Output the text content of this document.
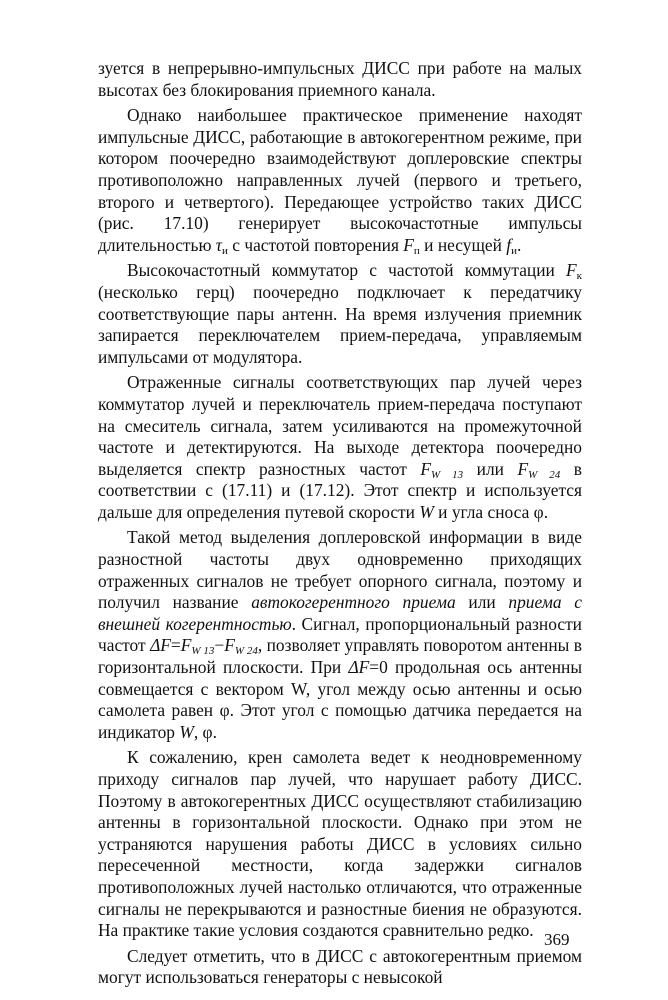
зуется в непрерывно-импульсных ДИСС при работе на малых высотах без блокирования приемного канала.

Однако наибольшее практическое применение находят импульсные ДИСС, работающие в автокогерентном режиме, при котором поочередно взаимодействуют доплеровские спектры противоположно направленных лучей (первого и третьего, второго и четвертого). Передающее устройство таких ДИСС (рис. 17.10) генерирует высокочастотные импульсы длительностью $\tau_и$ с частотой повторения $F_п$ и несущей $f_и$.

Высокочастотный коммутатор с частотой коммутации $F_к$ (несколько герц) поочередно подключает к передатчику соответствующие пары антенн. На время излучения приемник запирается переключателем прием-передача, управляемым импульсами от модулятора.

Отраженные сигналы соответствующих пар лучей через коммутатор лучей и переключатель прием-передача поступают на смеситель сигнала, затем усиливаются на промежуточной частоте и детектируются. На выходе детектора поочередно выделяется спектр разностных частот $F_{W 13}$ или $F_{W 24}$ в соответствии с (17.11) и (17.12). Этот спектр и используется дальше для определения путевой скорости W и угла сноса φ.

Такой метод выделения доплеровской информации в виде разностной частоты двух одновременно приходящих отраженных сигналов не требует опорного сигнала, поэтому и получил название автокогерентного приема или приема с внешней когерентностью. Сигнал, пропорциональный разности частот $\Delta F=F_{W 13}-F_{W 24}$, позволяет управлять поворотом антенны в горизонтальной плоскости. При ΔF=0 продольная ось антенны совмещается с вектором W, угол между осью антенны и осью самолета равен φ. Этот угол с помощью датчика передается на индикатор W, φ.

К сожалению, крен самолета ведет к неодновременному приходу сигналов пар лучей, что нарушает работу ДИСС. Поэтому в автокогерентных ДИСС осуществляют стабилизацию антенны в горизонтальной плоскости. Однако при этом не устраняются нарушения работы ДИСС в условиях сильно пересеченной местности, когда задержки сигналов противоположных лучей настолько отличаются, что отраженные сигналы не перекрываются и разностные биения не образуются. На практике такие условия создаются сравнительно редко.

Следует отметить, что в ДИСС с автокогерентным приемом могут использоваться генераторы с невысокой

369
